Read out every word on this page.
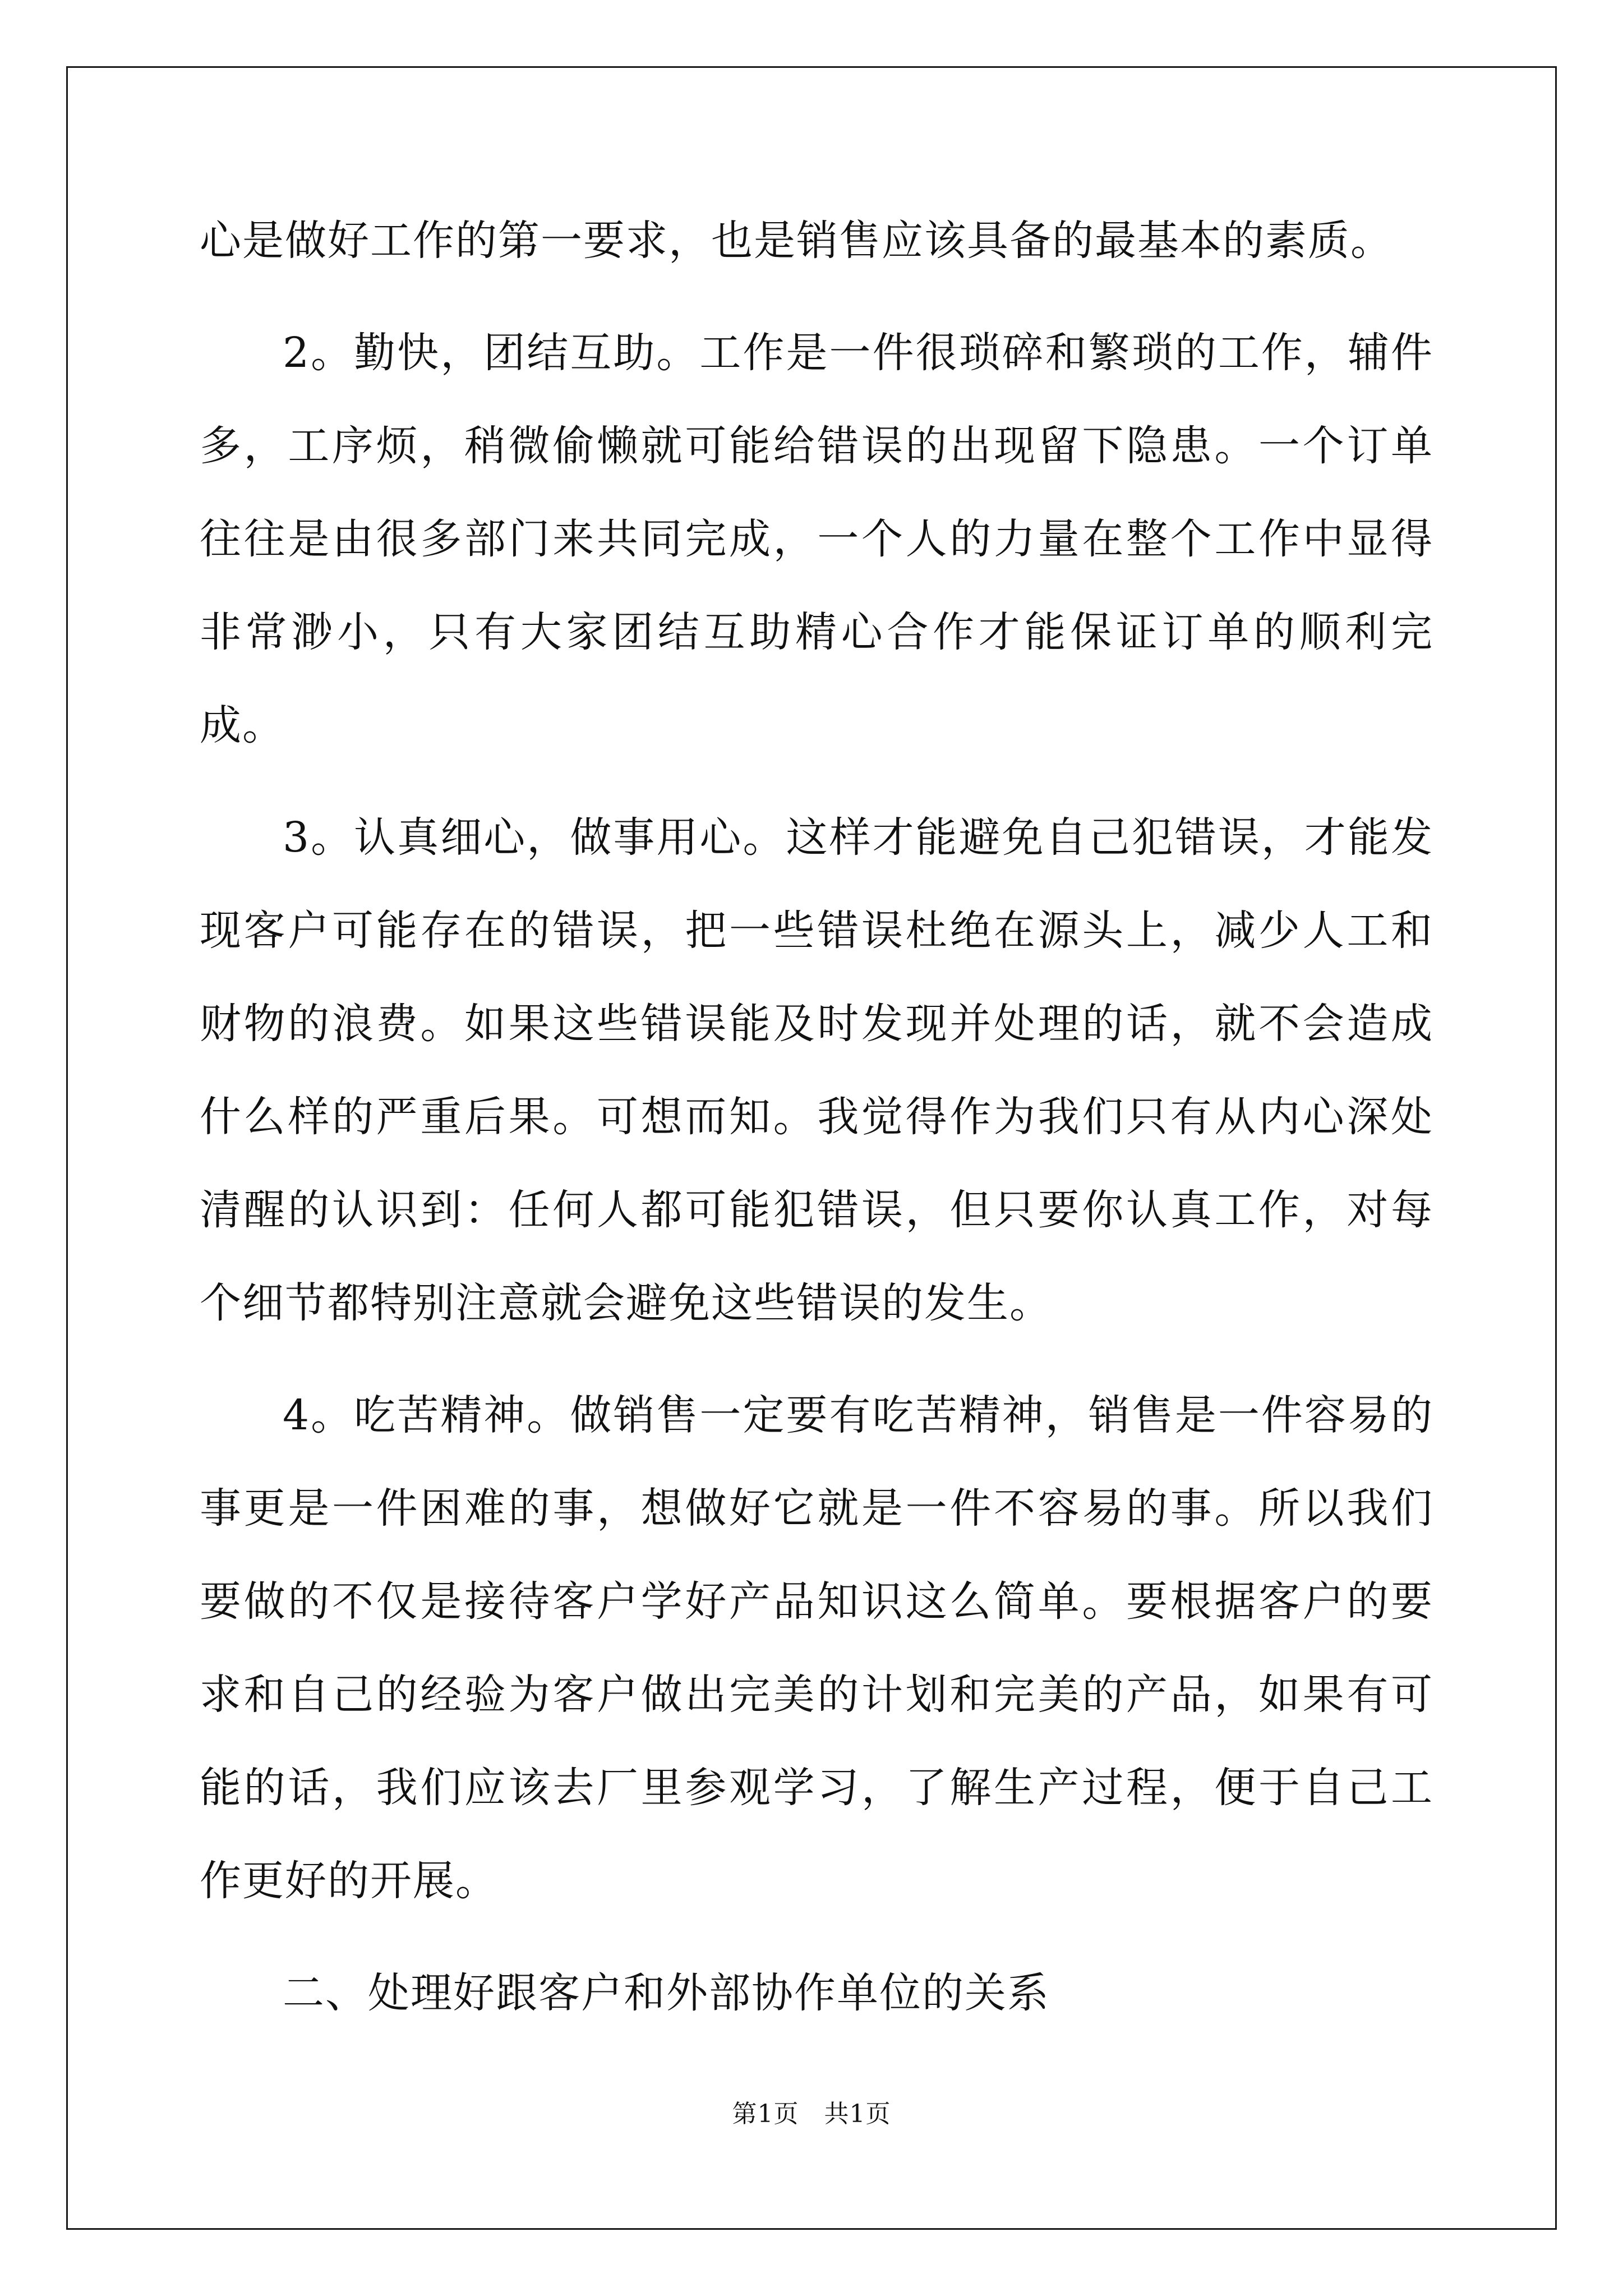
心是做好工作的第一要求，也是销售应该具备的最基本的素质。

2。勤快，团结互助。工作是一件很琐碎和繁琐的工作，辅件多，工序烦，稍微偷懒就可能给错误的出现留下隐患。一个订单往往是由很多部门来共同完成，一个人的力量在整个工作中显得非常渺小，只有大家团结互助精心合作才能保证订单的顺利完成。

3。认真细心，做事用心。这样才能避免自己犯错误，才能发现客户可能存在的错误，把一些错误杜绝在源头上，减少人工和财物的浪费。如果这些错误能及时发现并处理的话，就不会造成什么样的严重后果。可想而知。我觉得作为我们只有从内心深处清醒的认识到：任何人都可能犯错误，但只要你认真工作，对每个细节都特别注意就会避免这些错误的发生。

4。吃苦精神。做销售一定要有吃苦精神，销售是一件容易的事更是一件困难的事，想做好它就是一件不容易的事。所以我们要做的不仅是接待客户学好产品知识这么简单。要根据客户的要求和自己的经验为客户做出完美的计划和完美的产品，如果有可能的话，我们应该去厂里参观学习，了解生产过程，便于自己工作更好的开展。

二、处理好跟客户和外部协作单位的关系

第1页　共1页
